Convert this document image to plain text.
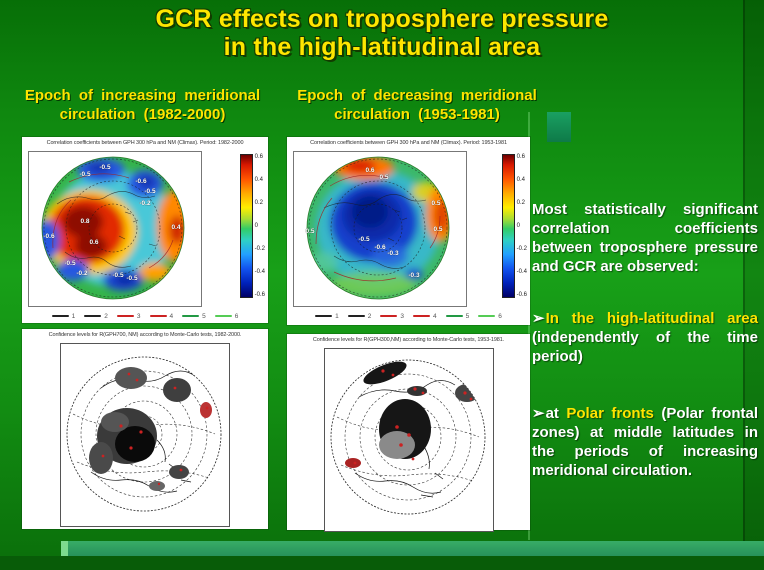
GCR effects on troposphere pressure
in the high-latitudinal area
Epoch of increasing meridional
circulation (1982-2000)
Epoch of decreasing meridional
circulation (1953-1981)
Correlation coefficients between GPH 300 hPa and NM (Climax). Period: 1982-2000
-0.5
-0.5
-0.6
-0.5
-0.2
0.8
0.6
0.4
-0.6
-0.5
-0.2	-0.5 -0.5
0.6
0.4
0.2
0
-0.2
-0.4
-0.6
1	2	3	4	5	6
Correlation coefficients between GPH 300 hPa and NM (Climax). Period: 1953-1981
0.6
0.5
0.5
0.5
0.5
-0.5
-0.6
-0.3
-0.3
0.6
0.4
0.2
0
-0.2
-0.4
-0.6
1	2	3	4	5	6
Confidence levels for R(GPH700, NM) according to Monte-Carlo tests, 1982-2000.
Confidence levels for R(GPH300,NM) according to Monte-Carlo tests, 1953-1981.

Most statistically significant correlation coefficients between troposphere pressure and GCR are observed:

➢In the high-latitudinal area (independently of the time period)

➢at Polar fronts (Polar frontal zones) at middle latitudes in the periods of increasing meridional circulation.
